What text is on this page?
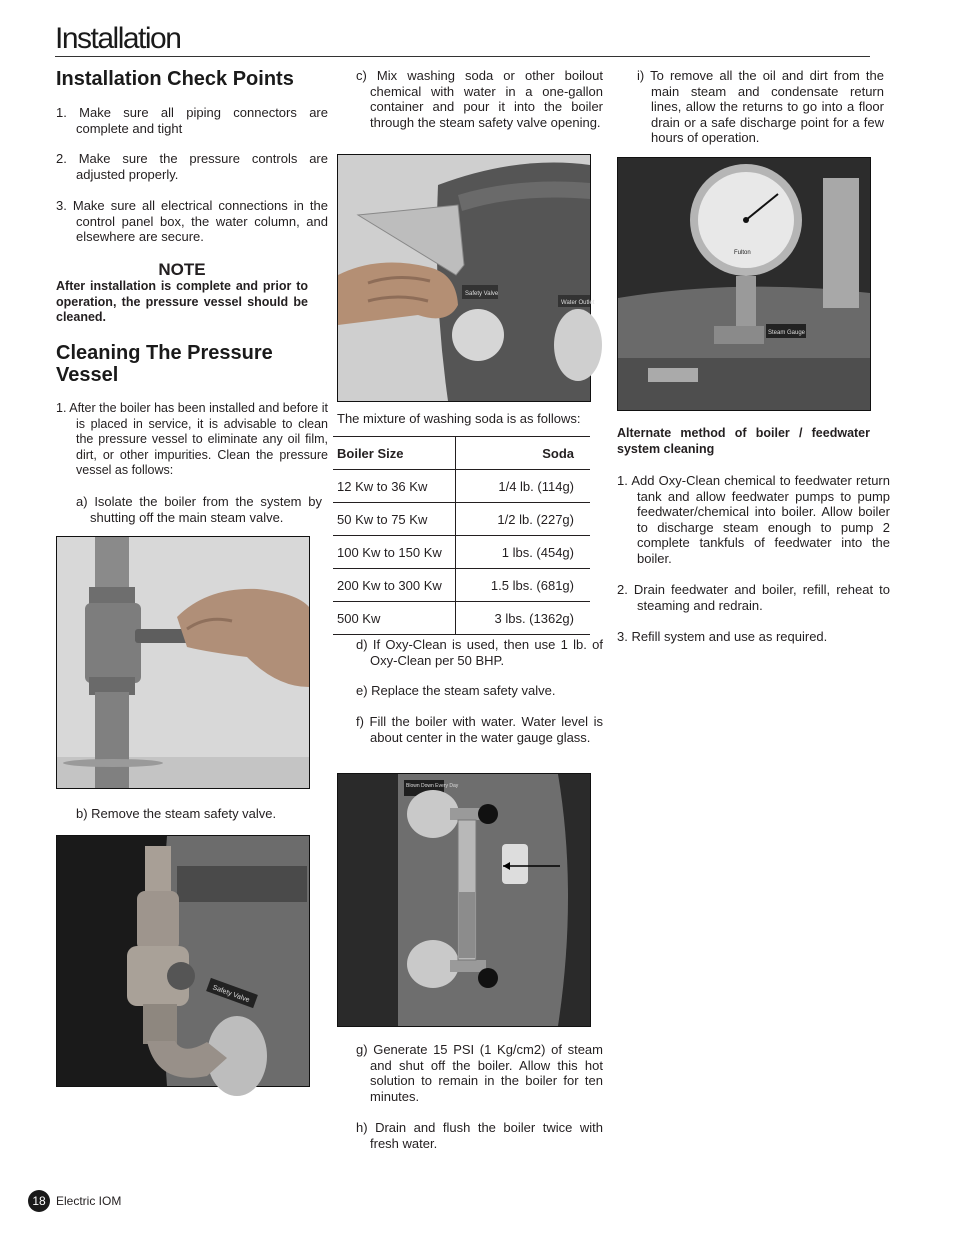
Installation
Installation Check Points
1. Make sure all piping connectors are complete and tight
2. Make sure the pressure controls are adjusted properly.
3. Make sure all electrical connections in the control panel box, the water column, and elsewhere are secure.
NOTE
After installation is complete and prior to operation, the pressure vessel should be cleaned.
Cleaning The Pressure Vessel
1. After the boiler has been installed and before it is placed in service, it is advisable to clean the pressure vessel to eliminate any oil film, dirt, or other impurities. Clean the pressure vessel as follows:
a) Isolate the boiler from the system by shutting off the main steam valve.
b) Remove the steam safety valve.
Safety Valve
c) Mix washing soda or other boilout chemical with water in a one-gallon container and pour it into the boiler through the steam safety valve opening.
Safety Valve
Water Outlet
The mixture of washing soda is as follows:
Boiler Size	Soda
12 Kw to 36 Kw	1/4 lb. (114g)
50 Kw to 75 Kw	1/2 lb. (227g)
100 Kw to 150 Kw	1 lbs. (454g)
200 Kw to 300 Kw	1.5 lbs. (681g)
500 Kw	3 lbs. (1362g)
d) If Oxy-Clean is used, then use 1 lb. of Oxy-Clean per 50 BHP.
e) Replace the steam safety valve.
f) Fill the boiler with water. Water level is about center in the water gauge glass.
Blown Down Every Day
g) Generate 15 PSI (1 Kg/cm2) of steam and shut off the boiler. Allow this hot solution to remain in the boiler for ten minutes.
h) Drain and flush the boiler twice with fresh water.
i) To remove all the oil and dirt from the main steam and condensate return lines, allow the returns to go into a floor drain or a safe discharge point for a few hours of operation.
Fulton
Steam Gauge
Alternate method of boiler / feedwater system cleaning
1. Add Oxy-Clean chemical to feedwater return tank and allow feedwater pumps to pump feedwater/chemical into boiler. Allow boiler to discharge steam enough to pump 2 complete tankfuls of feedwater into the boiler.
2. Drain feedwater and boiler, refill, reheat to steaming and redrain.
3. Refill system and use as required.
18 Electric IOM
